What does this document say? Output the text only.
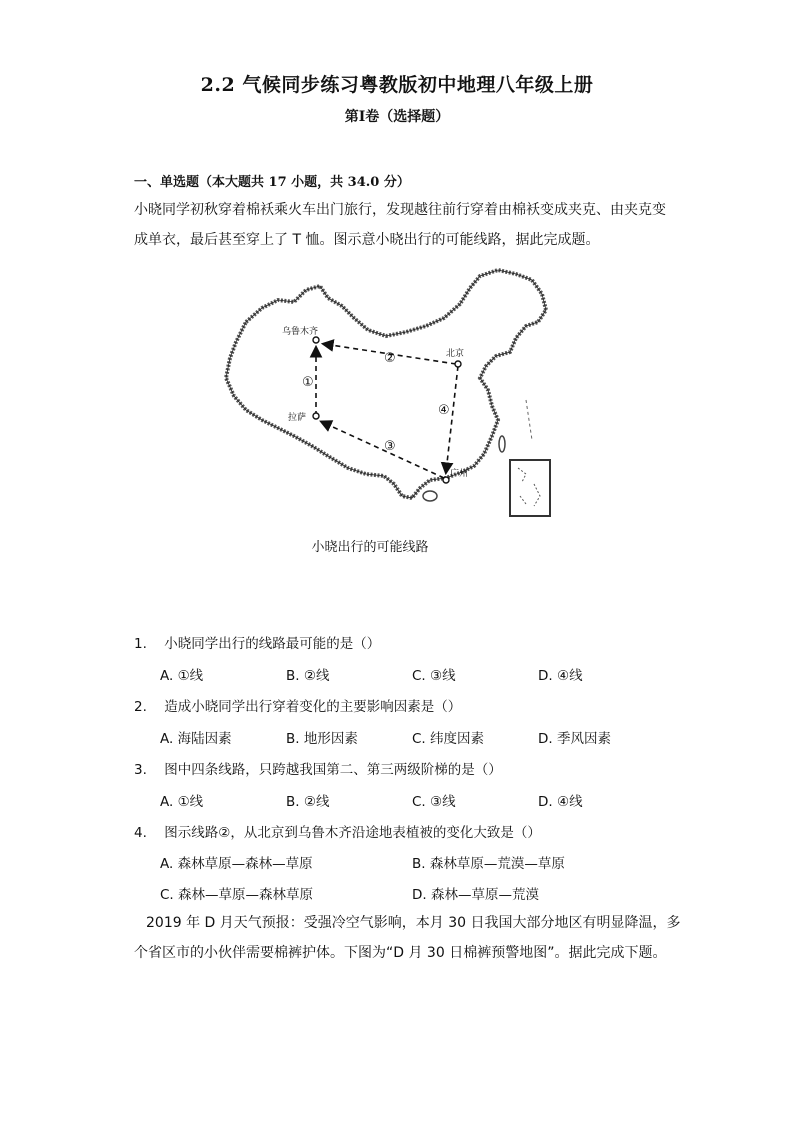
2.2 气候同步练习粤教版初中地理八年级上册
第Ⅰ卷（选择题）
一、单选题（本大题共 17 小题，共 34.0 分）
小晓同学初秋穿着棉袄乘火车出门旅行，发现越往前行穿着由棉袄变成夹克、由夹克变
成单衣，最后甚至穿上了 T 恤。图示意小晓出行的可能线路，据此完成题。
乌鲁木齐
北京
拉萨
广州
①
②
③
④
小晓出行的可能线路
1. 小晓同学出行的线路最可能的是（）
A. ①线	B. ②线	C. ③线	D. ④线
2. 造成小晓同学出行穿着变化的主要影响因素是（）
A. 海陆因素	B. 地形因素	C. 纬度因素	D. 季风因素
3. 图中四条线路，只跨越我国第二、第三两级阶梯的是（）
A. ①线	B. ②线	C. ③线	D. ④线
4. 图示线路②，从北京到乌鲁木齐沿途地表植被的变化大致是（）
A. 森林草原—森林—草原	B. 森林草原—荒漠—草原
C. 森林—草原—森林草原	D. 森林—草原—荒漠
2019 年 D 月天气预报：受强冷空气影响，本月 30 日我国大部分地区有明显降温，多
个省区市的小伙伴需要棉裤护体。下图为“D 月 30 日棉裤预警地图”。据此完成下题。
